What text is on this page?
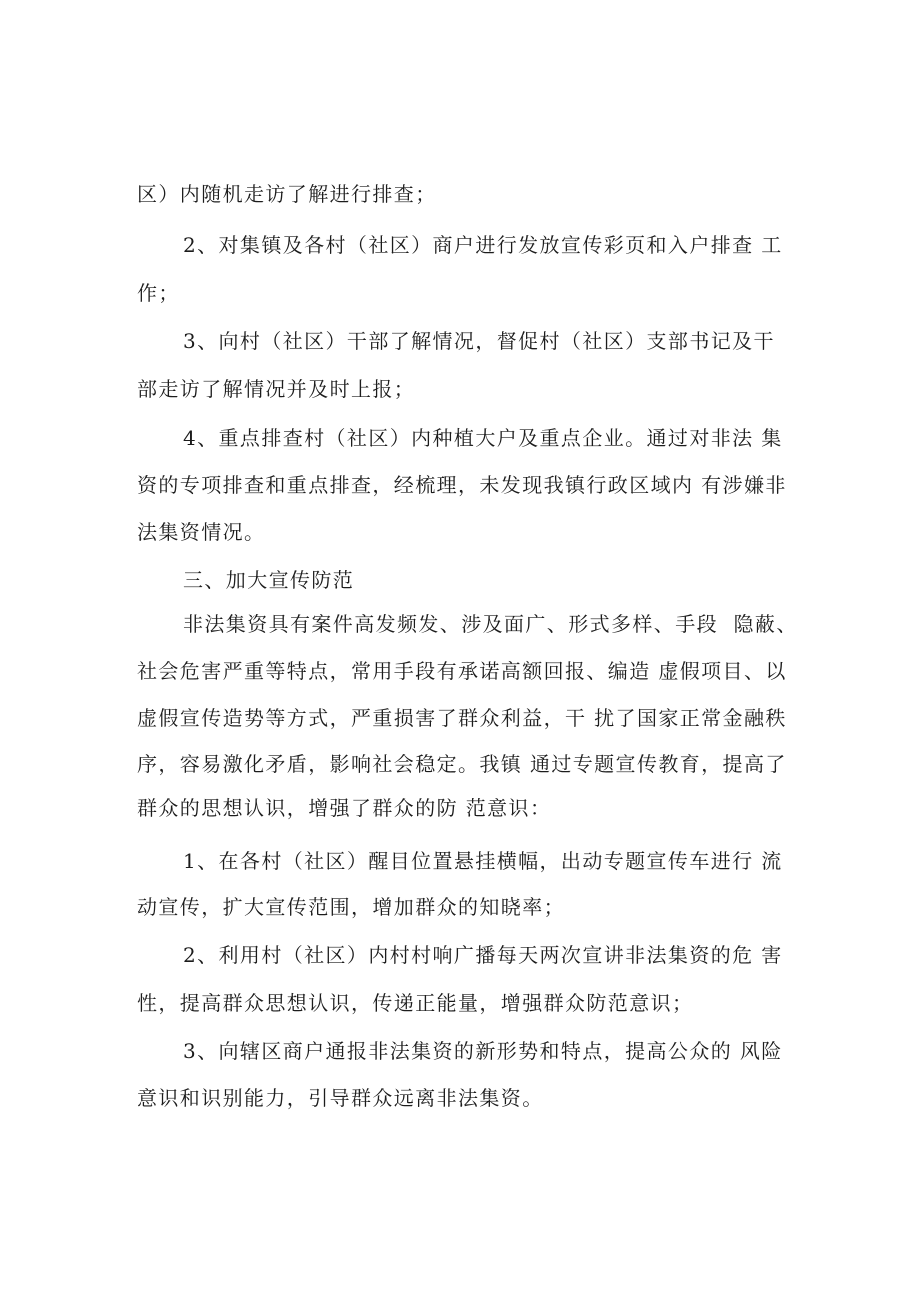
区）内随机走访了解进行排查；
2、对集镇及各村（社区）商户进行发放宣传彩页和入户排查 工
作；
3、向村（社区）干部了解情况，督促村（社区）支部书记及干
部走访了解情况并及时上报；
4、重点排查村（社区）内种植大户及重点企业。通过对非法 集
资的专项排查和重点排查，经梳理，未发现我镇行政区域内 有涉嫌非
法集资情况。
三、加大宣传防范
非法集资具有案件高发频发、涉及面广、形式多样、手段  隐蔽、
社会危害严重等特点，常用手段有承诺高额回报、编造 虚假项目、以
虚假宣传造势等方式，严重损害了群众利益，干 扰了国家正常金融秩
序，容易激化矛盾，影响社会稳定。我镇 通过专题宣传教育，提高了
群众的思想认识，增强了群众的防 范意识：
1、在各村（社区）醒目位置悬挂横幅，出动专题宣传车进行 流
动宣传，扩大宣传范围，增加群众的知晓率；
2、利用村（社区）内村村响广播每天两次宣讲非法集资的危 害
性，提高群众思想认识，传递正能量，增强群众防范意识；
3、向辖区商户通报非法集资的新形势和特点，提高公众的 风险
意识和识别能力，引导群众远离非法集资。
